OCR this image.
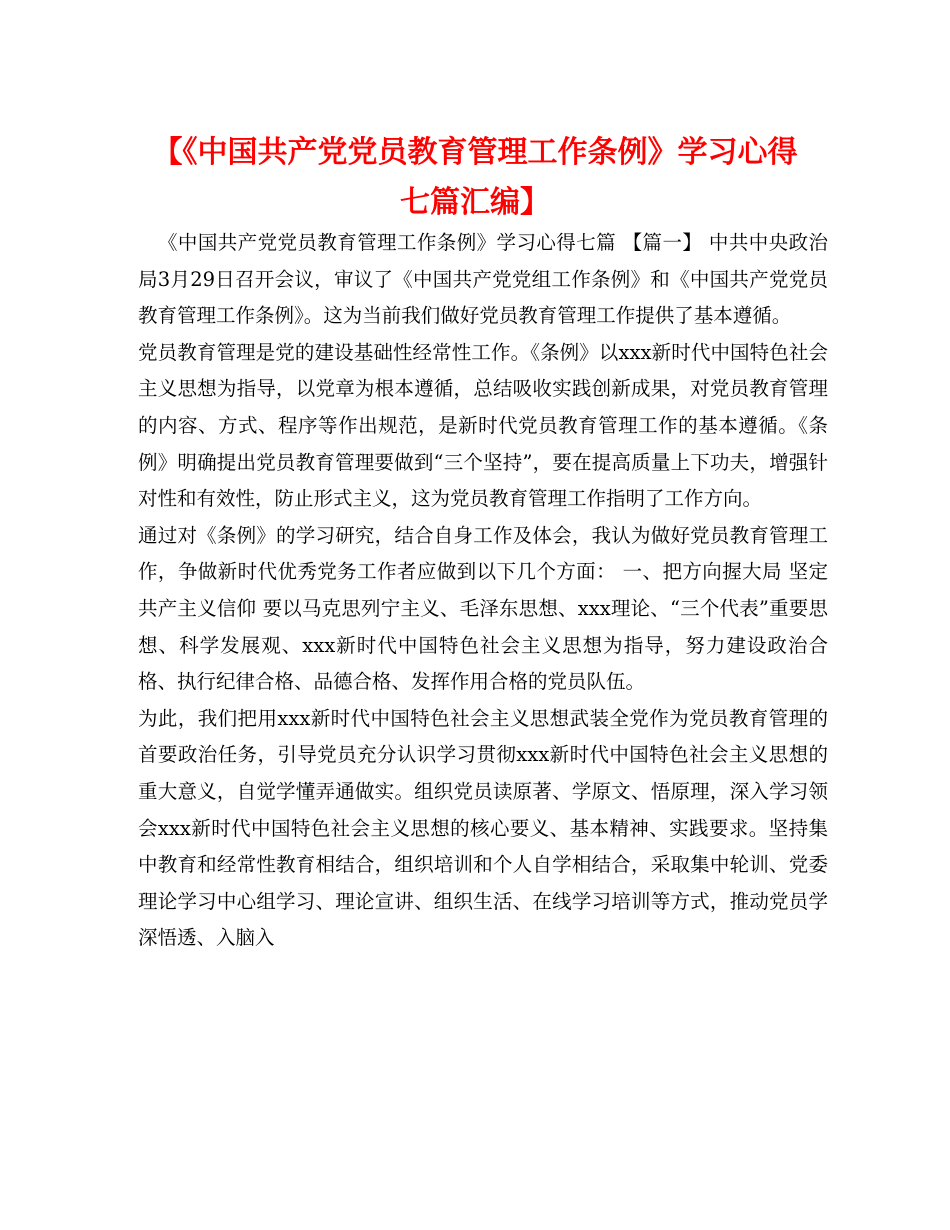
【《中国共产党党员教育管理工作条例》学习心得七篇汇编】

《中国共产党党员教育管理工作条例》学习心得七篇 【篇一】 中共中央政治局3月29日召开会议，审议了《中国共产党党组工作条例》和《中国共产党党员教育管理工作条例》。这为当前我们做好党员教育管理工作提供了基本遵循。

党员教育管理是党的建设基础性经常性工作。《条例》以xxx新时代中国特色社会主义思想为指导，以党章为根本遵循，总结吸收实践创新成果，对党员教育管理的内容、方式、程序等作出规范，是新时代党员教育管理工作的基本遵循。《条例》明确提出党员教育管理要做到“三个坚持”，要在提高质量上下功夫，增强针对性和有效性，防止形式主义，这为党员教育管理工作指明了工作方向。

通过对《条例》的学习研究，结合自身工作及体会，我认为做好党员教育管理工作，争做新时代优秀党务工作者应做到以下几个方面： 一、把方向握大局 坚定共产主义信仰 要以马克思列宁主义、毛泽东思想、xxx理论、“三个代表”重要思想、科学发展观、xxx新时代中国特色社会主义思想为指导，努力建设政治合格、执行纪律合格、品德合格、发挥作用合格的党员队伍。

为此，我们把用xxx新时代中国特色社会主义思想武装全党作为党员教育管理的首要政治任务，引导党员充分认识学习贯彻xxx新时代中国特色社会主义思想的重大意义，自觉学懂弄通做实。组织党员读原著、学原文、悟原理，深入学习领会xxx新时代中国特色社会主义思想的核心要义、基本精神、实践要求。坚持集中教育和经常性教育相结合，组织培训和个人自学相结合，采取集中轮训、党委理论学习中心组学习、理论宣讲、组织生活、在线学习培训等方式，推动党员学深悟透、入脑入
